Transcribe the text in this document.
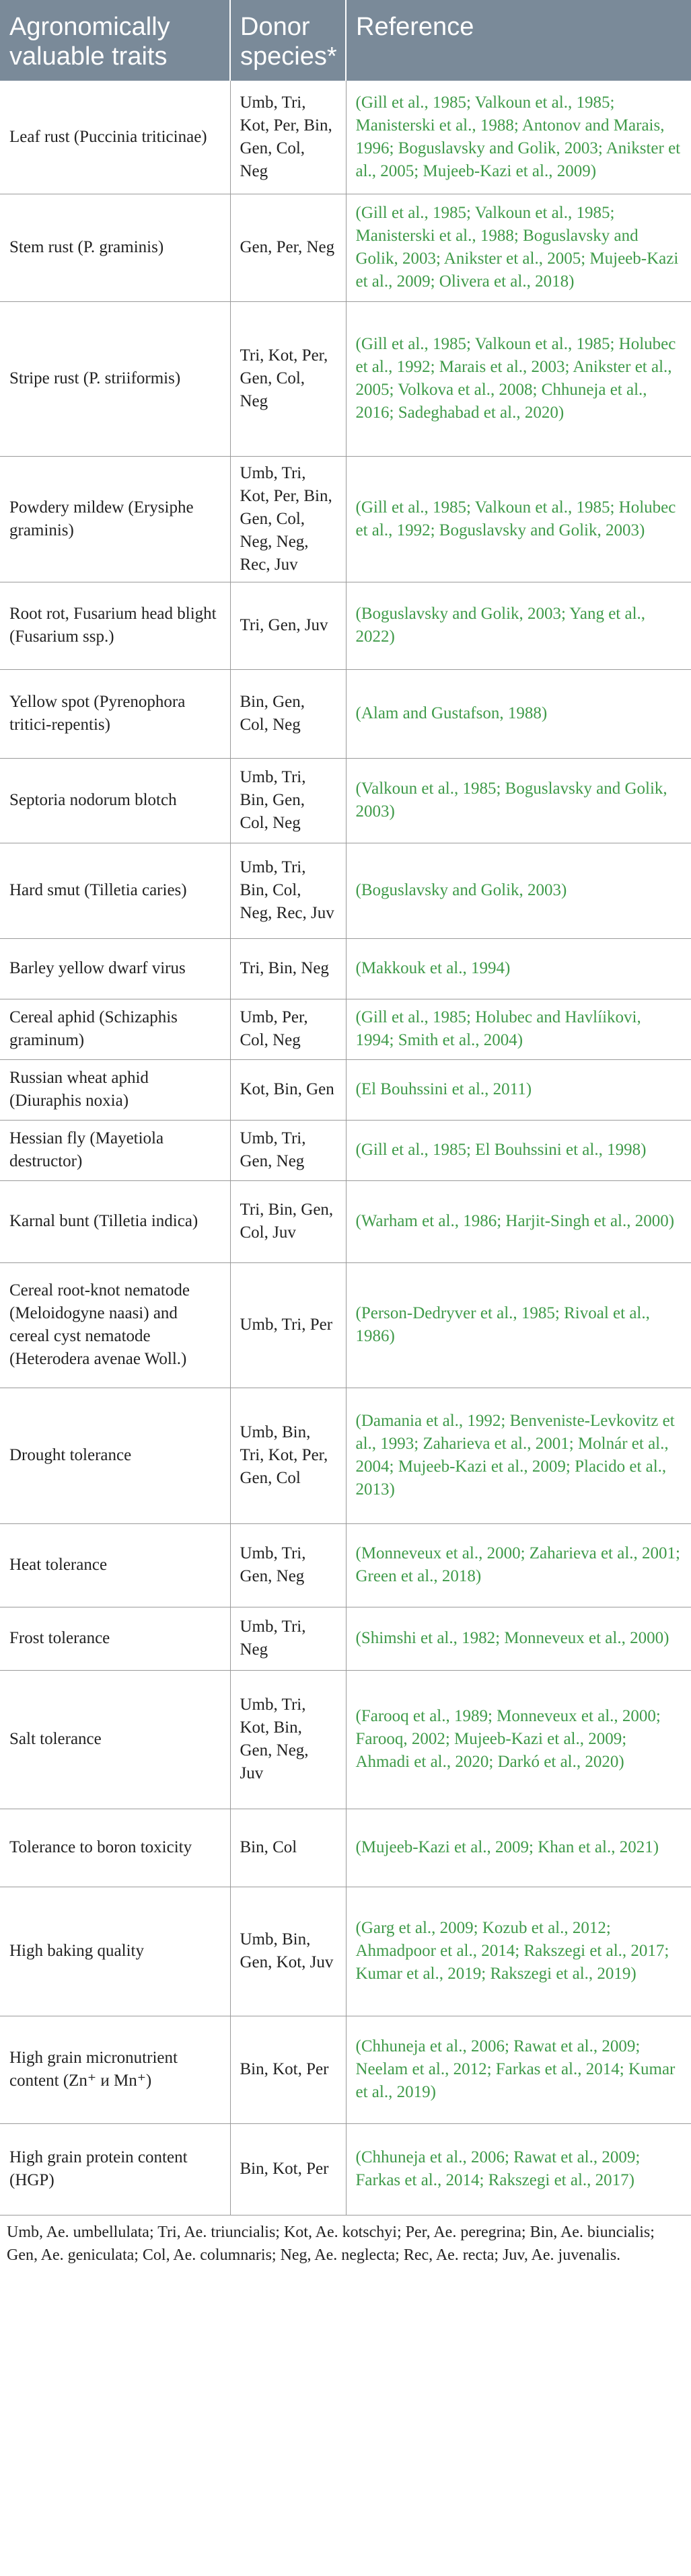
Agronomically valuable traits	Donor species*	Reference
Leaf rust (Puccinia triticinae)	Umb, Tri, Kot, Per, Bin, Gen, Col, Neg	(Gill et al., 1985; Valkoun et al., 1985; Manisterski et al., 1988; Antonov and Marais, 1996; Boguslavsky and Golik, 2003; Anikster et al., 2005; Mujeeb-Kazi et al., 2009)
Stem rust (P. graminis)	Gen, Per, Neg	(Gill et al., 1985; Valkoun et al., 1985; Manisterski et al., 1988; Boguslavsky and Golik, 2003; Anikster et al., 2005; Mujeeb-Kazi et al., 2009; Olivera et al., 2018)
Stripe rust (P. striiformis)	Tri, Kot, Per, Gen, Col, Neg	(Gill et al., 1985; Valkoun et al., 1985; Holubec et al., 1992; Marais et al., 2003; Anikster et al., 2005; Volkova et al., 2008; Chhuneja et al., 2016; Sadeghabad et al., 2020)
Powdery mildew (Erysiphe graminis)	Umb, Tri, Kot, Per, Bin, Gen, Col, Neg, Neg, Rec, Juv	(Gill et al., 1985; Valkoun et al., 1985; Holubec et al., 1992; Boguslavsky and Golik, 2003)
Root rot, Fusarium head blight (Fusarium ssp.)	Tri, Gen, Juv	(Boguslavsky and Golik, 2003; Yang et al., 2022)
Yellow spot (Pyrenophora tritici-repentis)	Bin, Gen, Col, Neg	(Alam and Gustafson, 1988)
Septoria nodorum blotch	Umb, Tri, Bin, Gen, Col, Neg	(Valkoun et al., 1985; Boguslavsky and Golik, 2003)
Hard smut (Tilletia caries)	Umb, Tri, Bin, Col, Neg, Rec, Juv	(Boguslavsky and Golik, 2003)
Barley yellow dwarf virus	Tri, Bin, Neg	(Makkouk et al., 1994)
Cereal aphid (Schizaphis graminum)	Umb, Per, Col, Neg	(Gill et al., 1985; Holubec and Havlíikovi, 1994; Smith et al., 2004)
Russian wheat aphid (Diuraphis noxia)	Kot, Bin, Gen	(El Bouhssini et al., 2011)
Hessian fly (Mayetiola destructor)	Umb, Tri, Gen, Neg	(Gill et al., 1985; El Bouhssini et al., 1998)
Karnal bunt (Tilletia indica)	Tri, Bin, Gen, Col, Juv	(Warham et al., 1986; Harjit-Singh et al., 2000)
Cereal root-knot nematode (Meloidogyne naasi) and cereal cyst nematode (Heterodera avenae Woll.)	Umb, Tri, Per	(Person-Dedryver et al., 1985; Rivoal et al., 1986)
Drought tolerance	Umb, Bin, Tri, Kot, Per, Gen, Col	(Damania et al., 1992; Benveniste-Levkovitz et al., 1993; Zaharieva et al., 2001; Molnár et al., 2004; Mujeeb-Kazi et al., 2009; Placido et al., 2013)
Heat tolerance	Umb, Tri, Gen, Neg	(Monneveux et al., 2000; Zaharieva et al., 2001; Green et al., 2018)
Frost tolerance	Umb, Tri, Neg	(Shimshi et al., 1982; Monneveux et al., 2000)
Salt tolerance	Umb, Tri, Kot, Bin, Gen, Neg, Juv	(Farooq et al., 1989; Monneveux et al., 2000; Farooq, 2002; Mujeeb-Kazi et al., 2009; Ahmadi et al., 2020; Darkó et al., 2020)
Tolerance to boron toxicity	Bin, Col	(Mujeeb-Kazi et al., 2009; Khan et al., 2021)
High baking quality	Umb, Bin, Gen, Kot, Juv	(Garg et al., 2009; Kozub et al., 2012; Ahmadpoor et al., 2014; Rakszegi et al., 2017; Kumar et al., 2019; Rakszegi et al., 2019)
High grain micronutrient content (Zn⁺ и Mn⁺)	Bin, Kot, Per	(Chhuneja et al., 2006; Rawat et al., 2009; Neelam et al., 2012; Farkas et al., 2014; Kumar et al., 2019)
High grain protein content (HGP)	Bin, Kot, Per	(Chhuneja et al., 2006; Rawat et al., 2009; Farkas et al., 2014; Rakszegi et al., 2017)
Umb, Ae. umbellulata; Tri, Ae. triuncialis; Kot, Ae. kotschyi; Per, Ae. peregrina; Bin, Ae. biuncialis; Gen, Ae. geniculata; Col, Ae. columnaris; Neg, Ae. neglecta; Rec, Ae. recta; Juv, Ae. juvenalis.
